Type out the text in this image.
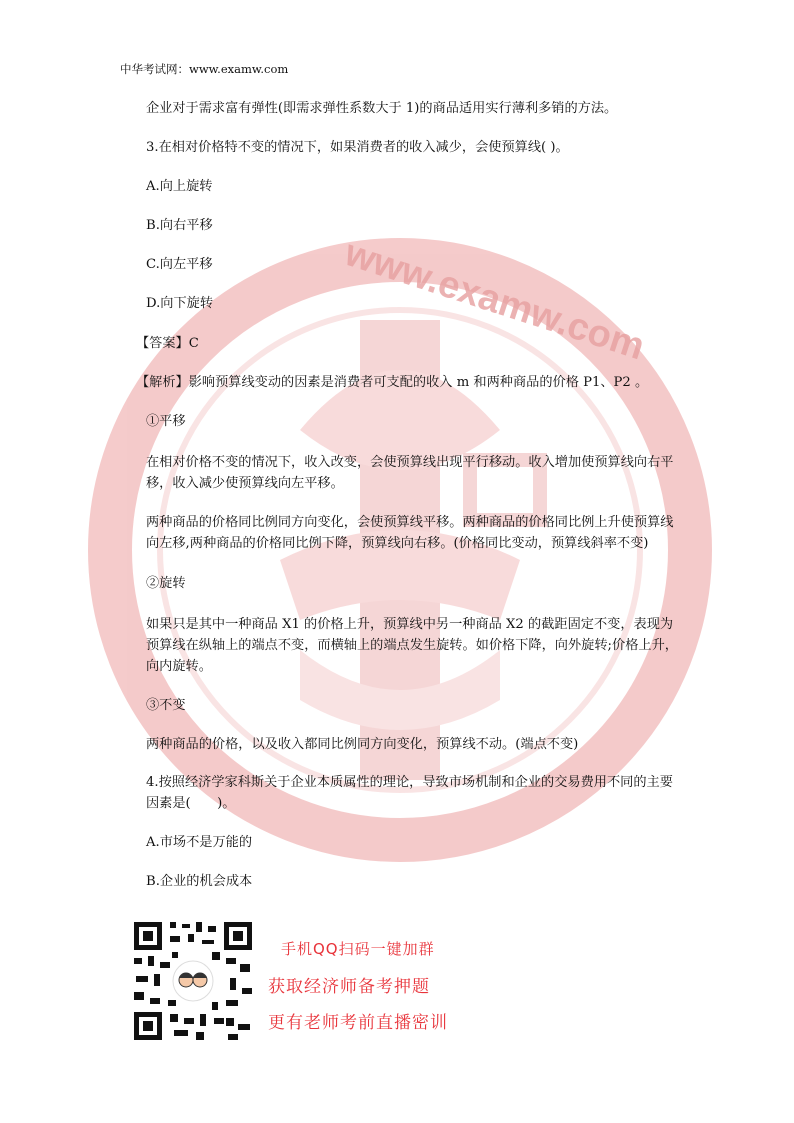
www.examw.com
中华考试网：www.examw.com
企业对于需求富有弹性(即需求弹性系数大于 1)的商品适用实行薄利多销的方法。
3.在相对价格特不变的情况下，如果消费者的收入减少，会使预算线( )。
A.向上旋转
B.向右平移
C.向左平移
D.向下旋转
【答案】C
【解析】影响预算线变动的因素是消费者可支配的收入 m 和两种商品的价格 P1、P2 。
①平移
在相对价格不变的情况下，收入改变，会使预算线出现平行移动。收入增加使预算线向右平移，收入减少使预算线向左平移。
两种商品的价格同比例同方向变化，会使预算线平移。两种商品的价格同比例上升使预算线向左移,两种商品的价格同比例下降，预算线向右移。(价格同比变动，预算线斜率不变)
②旋转
如果只是其中一种商品 X1 的价格上升，预算线中另一种商品 X2 的截距固定不变，表现为预算线在纵轴上的端点不变，而横轴上的端点发生旋转。如价格下降，向外旋转;价格上升，向内旋转。
③不变
两种商品的价格，以及收入都同比例同方向变化，预算线不动。(端点不变)
4.按照经济学家科斯关于企业本质属性的理论，导致市场机制和企业的交易费用不同的主要因素是(　　)。
A.市场不是万能的
B.企业的机会成本
手机QQ扫码一键加群
获取经济师备考押题
更有老师考前直播密训
